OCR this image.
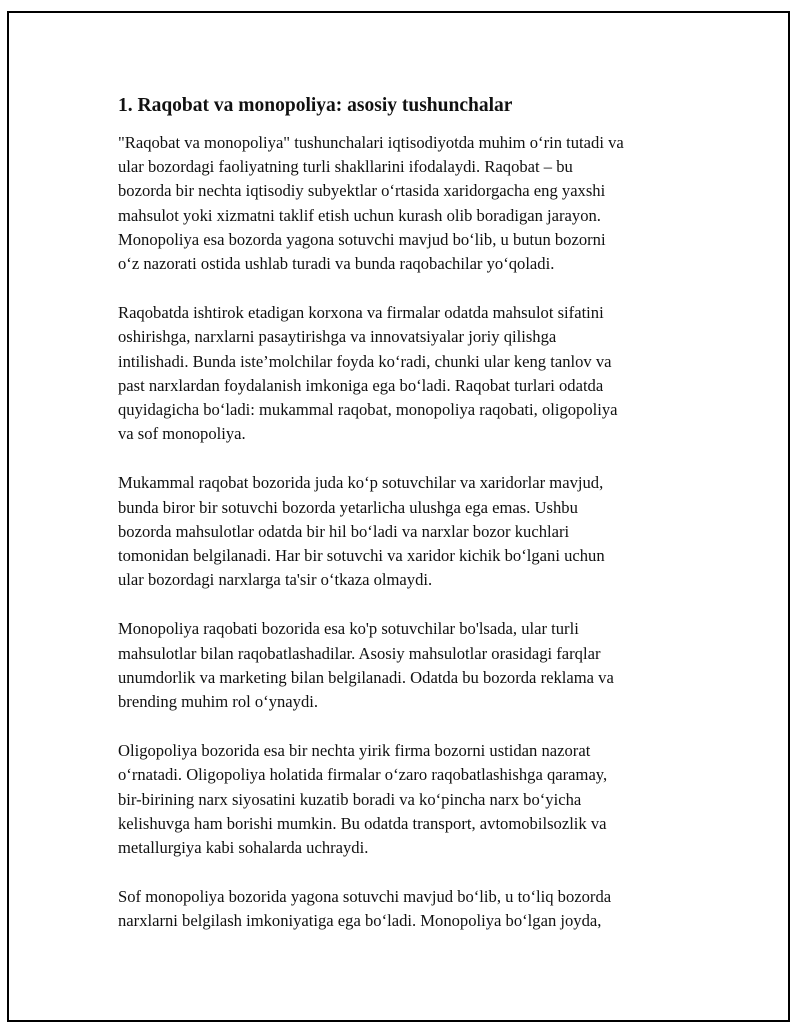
1. Raqobat va monopoliya: asosiy tushunchalar

"Raqobat va monopoliya" tushunchalari iqtisodiyotda muhim o‘rin tutadi va
ular bozordagi faoliyatning turli shakllarini ifodalaydi. Raqobat – bu
bozorda bir nechta iqtisodiy subyektlar o‘rtasida xaridorgacha eng yaxshi
mahsulot yoki xizmatni taklif etish uchun kurash olib boradigan jarayon.
Monopoliya esa bozorda yagona sotuvchi mavjud bo‘lib, u butun bozorni
o‘z nazorati ostida ushlab turadi va bunda raqobachilar yo‘qoladi.

Raqobatda ishtirok etadigan korxona va firmalar odatda mahsulot sifatini
oshirishga, narxlarni pasaytirishga va innovatsiyalar joriy qilishga
intilishadi. Bunda iste’molchilar foyda ko‘radi, chunki ular keng tanlov va
past narxlardan foydalanish imkoniga ega bo‘ladi. Raqobat turlari odatda
quyidagicha bo‘ladi: mukammal raqobat, monopoliya raqobati, oligopoliya
va sof monopoliya.

Mukammal raqobat bozorida juda ko‘p sotuvchilar va xaridorlar mavjud,
bunda biror bir sotuvchi bozorda yetarlicha ulushga ega emas. Ushbu
bozorda mahsulotlar odatda bir hil bo‘ladi va narxlar bozor kuchlari
tomonidan belgilanadi. Har bir sotuvchi va xaridor kichik bo‘lgani uchun
ular bozordagi narxlarga ta'sir o‘tkaza olmaydi.

Monopoliya raqobati bozorida esa ko'p sotuvchilar bo'lsada, ular turli
mahsulotlar bilan raqobatlashadilar. Asosiy mahsulotlar orasidagi farqlar
unumdorlik va marketing bilan belgilanadi. Odatda bu bozorda reklama va
brending muhim rol o‘ynaydi.

Oligopoliya bozorida esa bir nechta yirik firma bozorni ustidan nazorat
o‘rnatadi. Oligopoliya holatida firmalar o‘zaro raqobatlashishga qaramay,
bir-birining narx siyosatini kuzatib boradi va ko‘pincha narx bo‘yicha
kelishuvga ham borishi mumkin. Bu odatda transport, avtomobilsozlik va
metallurgiya kabi sohalarda uchraydi.

Sof monopoliya bozorida yagona sotuvchi mavjud bo‘lib, u to‘liq bozorda
narxlarni belgilash imkoniyatiga ega bo‘ladi. Monopoliya bo‘lgan joyda,
